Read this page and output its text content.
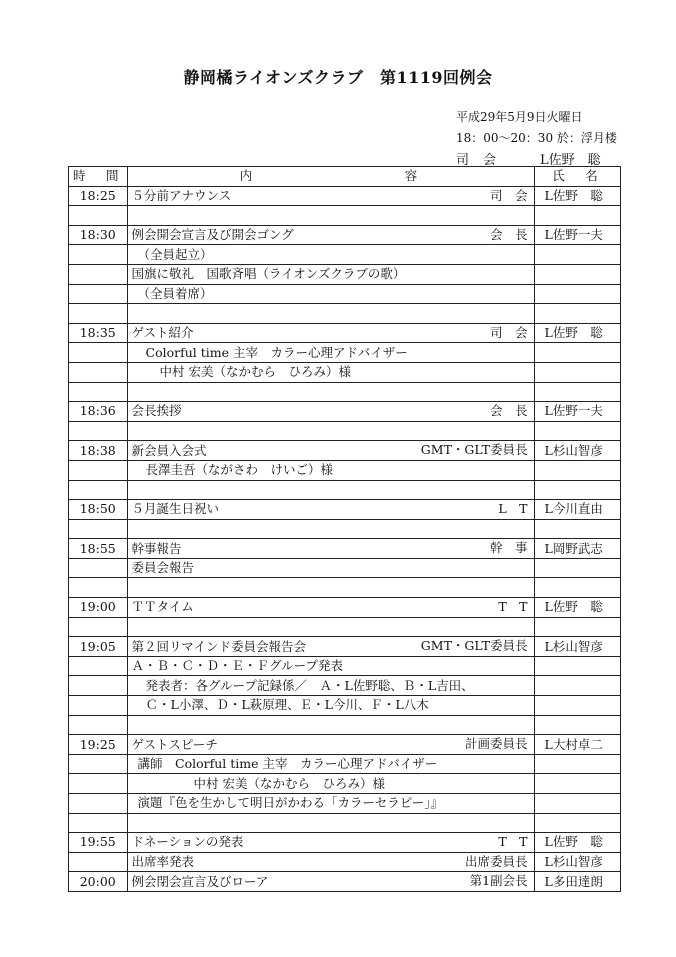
静岡橘ライオンズクラブ　第1119回例会
平成29年5月9日火曜日
18：00～20：30 於：浮月楼
司会 L佐野　聡
時　間	内　　　　　　　　　容	氏　名
18:25	５分前アナウンス 司　会	L佐野　聡

18:30	例会開会宣言及び開会ゴング 会　長	L佐野一夫
	（全員起立）

	国旗に敬礼　国歌斉唱（ライオンズクラブの歌）

	（全員着席）

18:35	ゲスト紹介 司　会	L佐野　聡
	Colorful time 主宰　カラー心理アドバイザー

	中村 宏美（なかむら　ひろみ）様

18:36	会長挨拶 会　長	L佐野一夫

18:38	新会員入会式 GMT・GLT委員長	L杉山智彦
	長澤圭吾（ながさわ　けいご）様

18:50	５月誕生日祝い L　T	L今川直由

18:55	幹事報告 幹　事	L岡野武志
	委員会報告

19:00	ＴＴタイム T　T	L佐野　聡

19:05	第２回リマインド委員会報告会 GMT・GLT委員長	L杉山智彦
	Ａ・Ｂ・Ｃ・Ｄ・Ｅ・Ｆグループ発表

	発表者：各グループ記録係／　Ａ・L佐野聡、Ｂ・L吉田、

	Ｃ・L小澤、Ｄ・L萩原理、Ｅ・L今川、Ｆ・L八木

19:25	ゲストスピーチ 計画委員長	L大村卓二
	講師　Colorful time 主宰　カラー心理アドバイザー

	中村 宏美（なかむら　ひろみ）様

	演題『色を生かして明日がかわる「カラーセラピー」』

19:55	ドネーションの発表 T　T	L佐野　聡
	出席率発表 出席委員長	L杉山智彦
20:00	例会閉会宣言及びローア 第1副会長	L多田達朗
